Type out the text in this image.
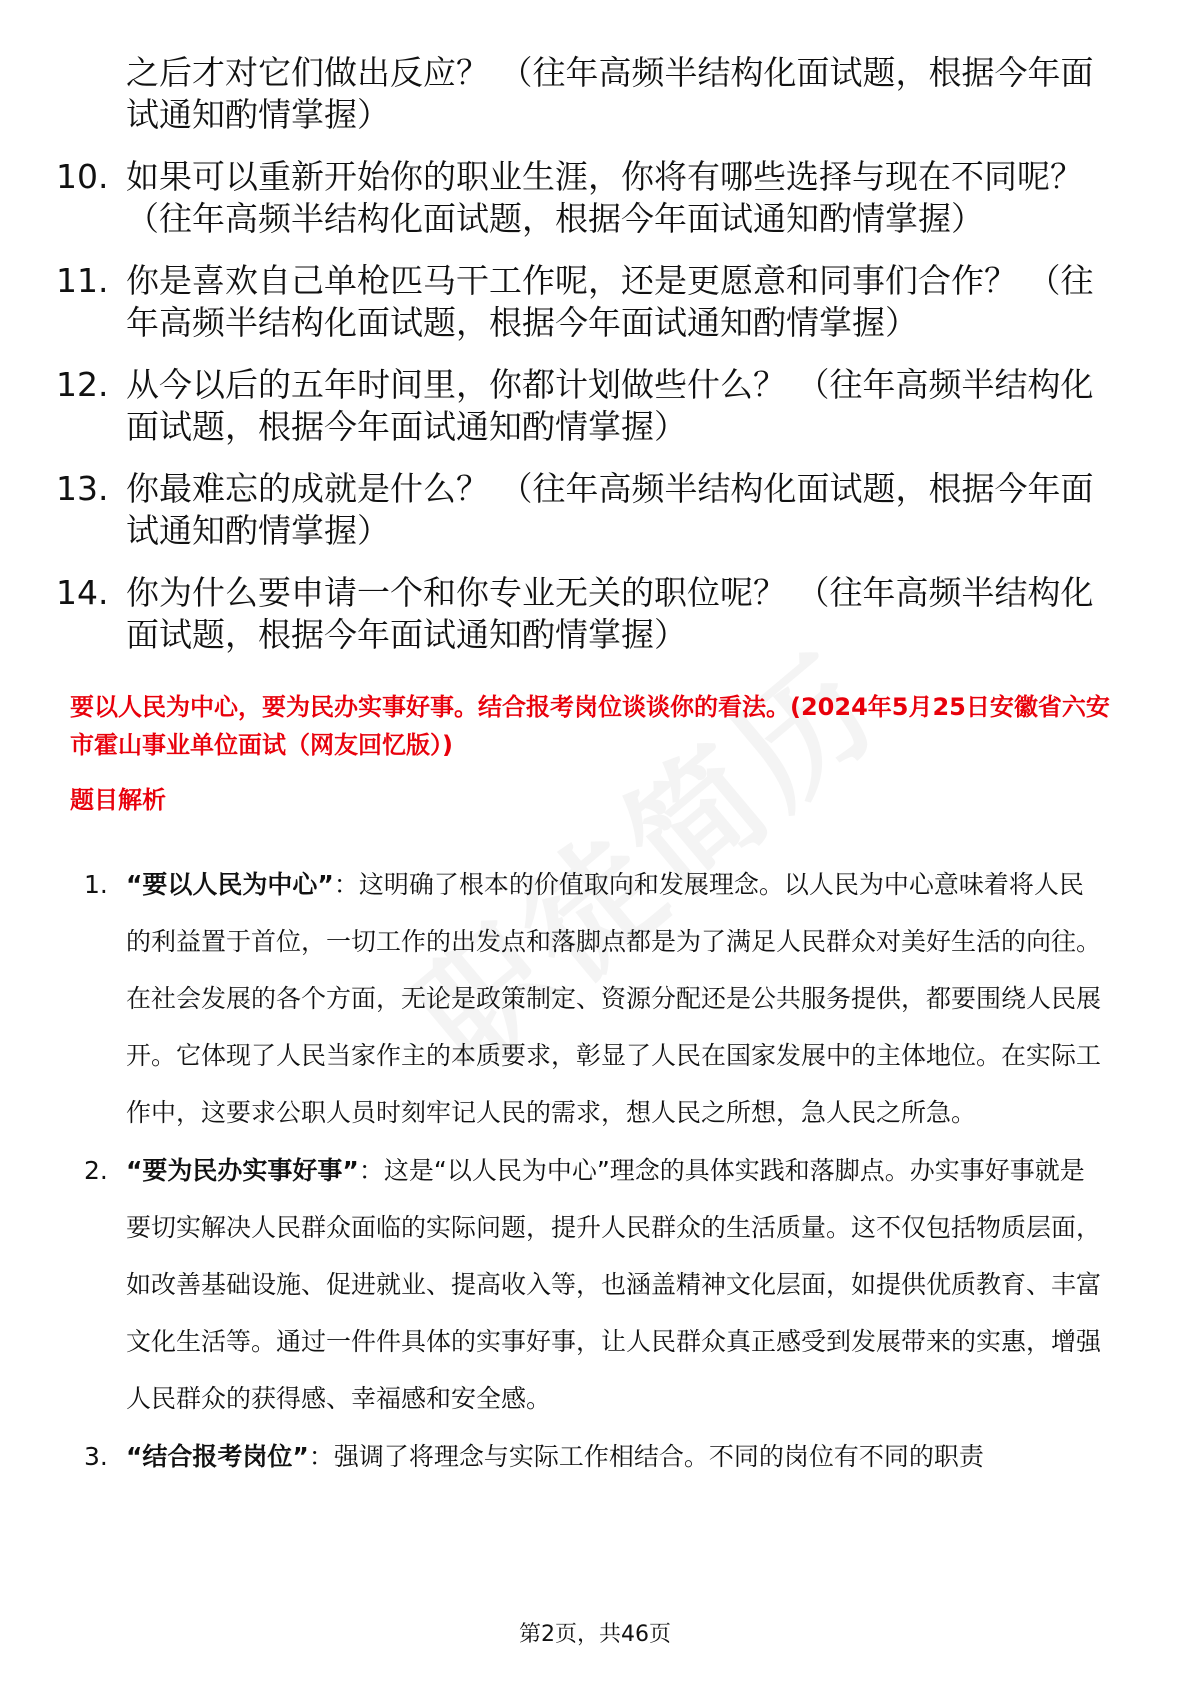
之后才对它们做出反应？ （往年高频半结构化面试题，根据今年面试通知酌情掌握）
10. 如果可以重新开始你的职业生涯，你将有哪些选择与现在不同呢？ （往年高频半结构化面试题，根据今年面试通知酌情掌握）
11. 你是喜欢自己单枪匹马干工作呢，还是更愿意和同事们合作？ （往年高频半结构化面试题，根据今年面试通知酌情掌握）
12. 从今以后的五年时间里，你都计划做些什么？ （往年高频半结构化面试题，根据今年面试通知酌情掌握）
13. 你最难忘的成就是什么？ （往年高频半结构化面试题，根据今年面试通知酌情掌握）
14. 你为什么要申请一个和你专业无关的职位呢？ （往年高频半结构化面试题，根据今年面试通知酌情掌握）
要以人民为中心，要为民办实事好事。结合报考岗位谈谈你的看法。(2024年5月25日安徽省六安市霍山事业单位面试（网友回忆版）)
题目解析
1. “要以人民为中心”：这明确了根本的价值取向和发展理念。以人民为中心意味着将人民的利益置于首位，一切工作的出发点和落脚点都是为了满足人民群众对美好生活的向往。在社会发展的各个方面，无论是政策制定、资源分配还是公共服务提供，都要围绕人民展开。它体现了人民当家作主的本质要求，彰显了人民在国家发展中的主体地位。在实际工作中，这要求公职人员时刻牢记人民的需求，想人民之所想，急人民之所急。
2. “要为民办实事好事”：这是“以人民为中心”理念的具体实践和落脚点。办实事好事就是要切实解决人民群众面临的实际问题，提升人民群众的生活质量。这不仅包括物质层面，如改善基础设施、促进就业、提高收入等，也涵盖精神文化层面，如提供优质教育、丰富文化生活等。通过一件件具体的实事好事，让人民群众真正感受到发展带来的实惠，增强人民群众的获得感、幸福感和安全感。
3. “结合报考岗位”：强调了将理念与实际工作相结合。不同的岗位有不同的职责
第2页，共46页
